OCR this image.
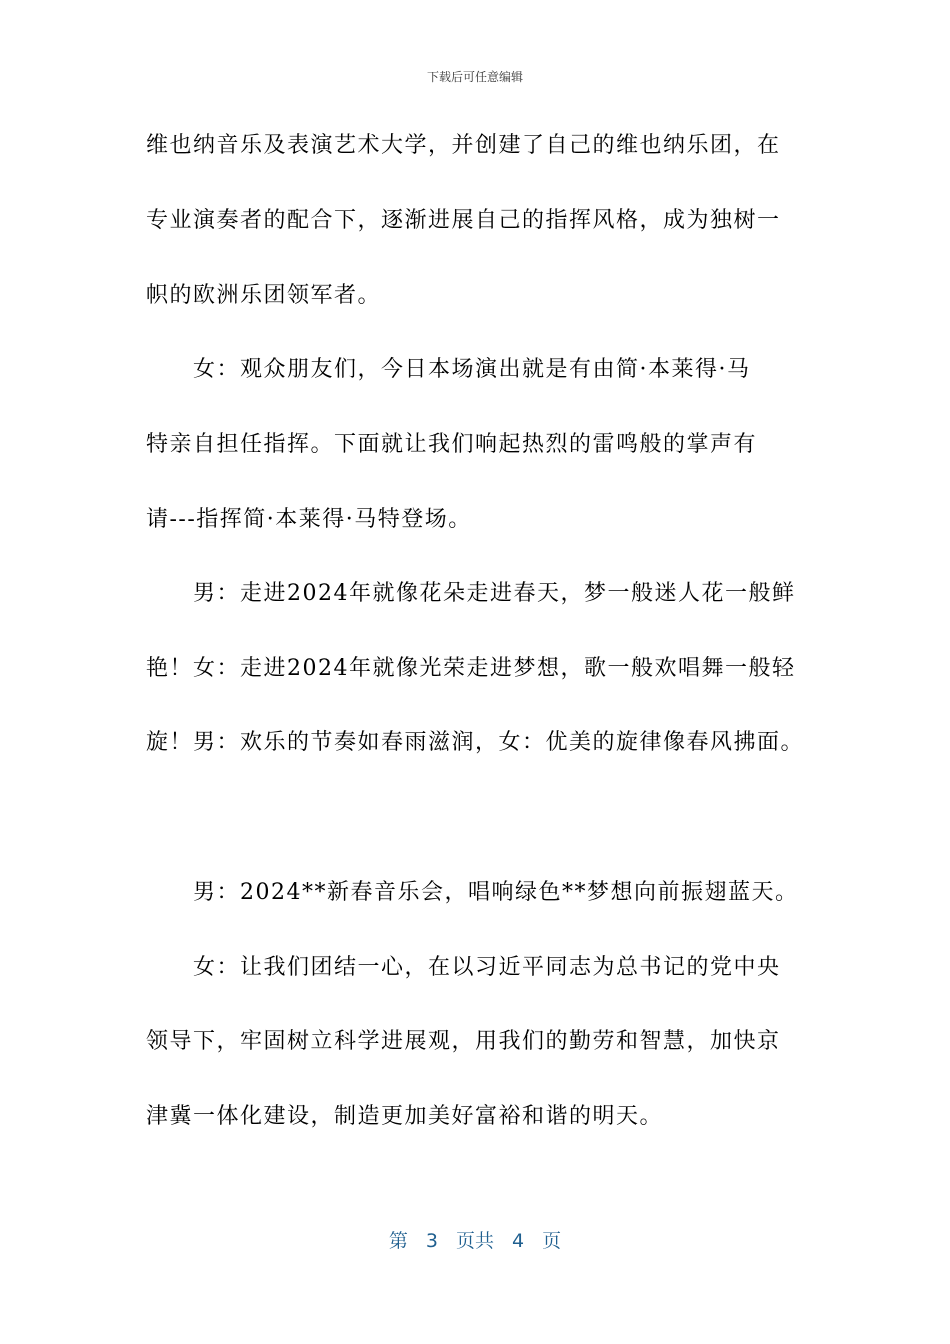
下载后可任意编辑
维也纳音乐及表演艺术大学，并创建了自己的维也纳乐团，在
专业演奏者的配合下，逐渐进展自己的指挥风格，成为独树一
帜的欧洲乐团领军者。
女：观众朋友们，今日本场演出就是有由简·本莱得·马
特亲自担任指挥。下面就让我们响起热烈的雷鸣般的掌声有
请---指挥简·本莱得·马特登场。
男：走进2024年就像花朵走进春天，梦一般迷人花一般鲜
艳！女：走进2024年就像光荣走进梦想，歌一般欢唱舞一般轻
旋！男：欢乐的节奏如春雨滋润，女：优美的旋律像春风拂面。
男：2024**新春音乐会，唱响绿色**梦想向前振翅蓝天。
女：让我们团结一心，在以习近平同志为总书记的党中央
领导下，牢固树立科学进展观，用我们的勤劳和智慧，加快京
津冀一体化建设，制造更加美好富裕和谐的明天。
第 3 页共 4 页
